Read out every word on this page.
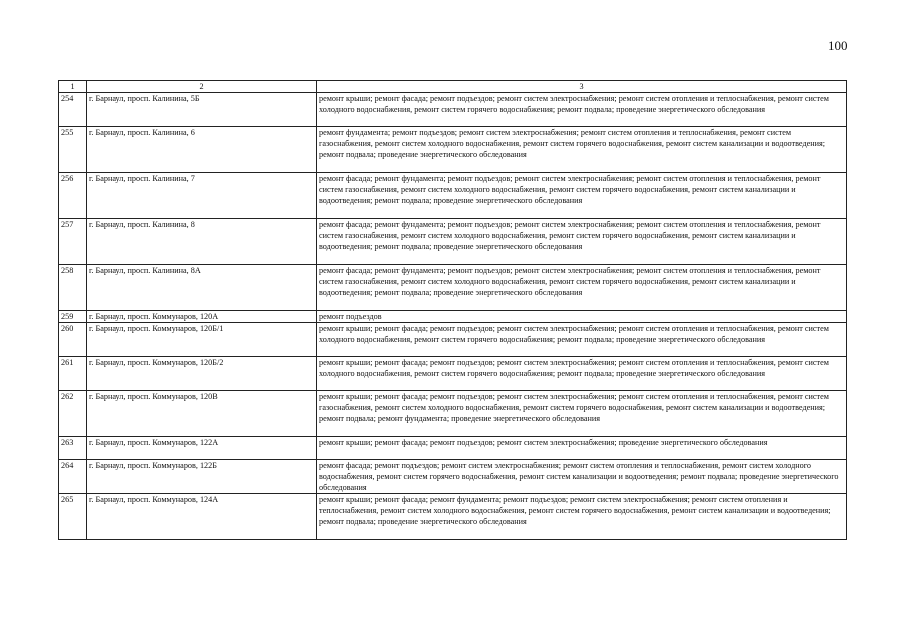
100
1	2	3
254	г. Барнаул, просп. Калинина, 5Б	ремонт крыши; ремонт фасада; ремонт подъездов; ремонт систем электроснабжения; ремонт систем отопления и теплоснабжения, ремонт систем холодного водоснабжения, ремонт систем горячего водоснабжения; ремонт подвала; проведение энергетического обследования
255	г. Барнаул, просп. Калинина, 6	ремонт фундамента; ремонт подъездов; ремонт систем электроснабжения; ремонт систем отопления и теплоснабжения, ремонт систем газоснабжения, ремонт систем холодного водоснабжения, ремонт систем горячего водоснабжения, ремонт систем канализации и водоотведения; ремонт подвала; проведение энергетического обследования
256	г. Барнаул, просп. Калинина, 7	ремонт фасада; ремонт фундамента; ремонт подъездов; ремонт систем электроснабжения; ремонт систем отопления и теплоснабжения, ремонт систем газоснабжения, ремонт систем холодного водоснабжения, ремонт систем горячего водоснабжения, ремонт систем канализации и водоотведения; ремонт подвала; проведение энергетического обследования
257	г. Барнаул, просп. Калинина, 8	ремонт фасада; ремонт фундамента; ремонт подъездов; ремонт систем электроснабжения; ремонт систем отопления и теплоснабжения, ремонт систем газоснабжения, ремонт систем холодного водоснабжения, ремонт систем горячего водоснабжения, ремонт систем канализации и водоотведения; ремонт подвала; проведение энергетического обследования
258	г. Барнаул, просп. Калинина, 8А	ремонт фасада; ремонт фундамента; ремонт подъездов; ремонт систем электроснабжения; ремонт систем отопления и теплоснабжения, ремонт систем газоснабжения, ремонт систем холодного водоснабжения, ремонт систем горячего водоснабжения, ремонт систем канализации и водоотведения; ремонт подвала; проведение энергетического обследования
259	г. Барнаул, просп. Коммунаров, 120А	ремонт подъездов
260	г. Барнаул, просп. Коммунаров, 120Б/1	ремонт крыши; ремонт фасада; ремонт подъездов; ремонт систем электроснабжения; ремонт систем отопления и теплоснабжения, ремонт систем холодного водоснабжения, ремонт систем горячего водоснабжения; ремонт подвала; проведение энергетического обследования
261	г. Барнаул, просп. Коммунаров, 120Б/2	ремонт крыши; ремонт фасада; ремонт подъездов; ремонт систем электроснабжения; ремонт систем отопления и теплоснабжения, ремонт систем холодного водоснабжения, ремонт систем горячего водоснабжения; ремонт подвала; проведение энергетического обследования
262	г. Барнаул, просп. Коммунаров, 120В	ремонт крыши; ремонт фасада; ремонт подъездов; ремонт систем электроснабжения; ремонт систем отопления и теплоснабжения, ремонт систем газоснабжения, ремонт систем холодного водоснабжения, ремонт систем горячего водоснабжения, ремонт систем канализации и водоотведения; ремонт подвала; ремонт фундамента; проведение энергетического обследования
263	г. Барнаул, просп. Коммунаров, 122А	ремонт крыши; ремонт фасада; ремонт подъездов; ремонт систем электроснабжения; проведение энергетического обследования
264	г. Барнаул, просп. Коммунаров, 122Б	ремонт фасада; ремонт подъездов; ремонт систем электроснабжения; ремонт систем отопления и теплоснабжения, ремонт систем холодного водоснабжения, ремонт систем горячего водоснабжения, ремонт систем канализации и водоотведения; ремонт подвала; проведение энергетического обследования
265	г. Барнаул, просп. Коммунаров, 124А	ремонт крыши; ремонт фасада; ремонт фундамента; ремонт подъездов; ремонт систем электроснабжения; ремонт систем отопления и теплоснабжения, ремонт систем холодного водоснабжения, ремонт систем горячего водоснабжения, ремонт систем канализации и водоотведения; ремонт подвала; проведение энергетического обследования
